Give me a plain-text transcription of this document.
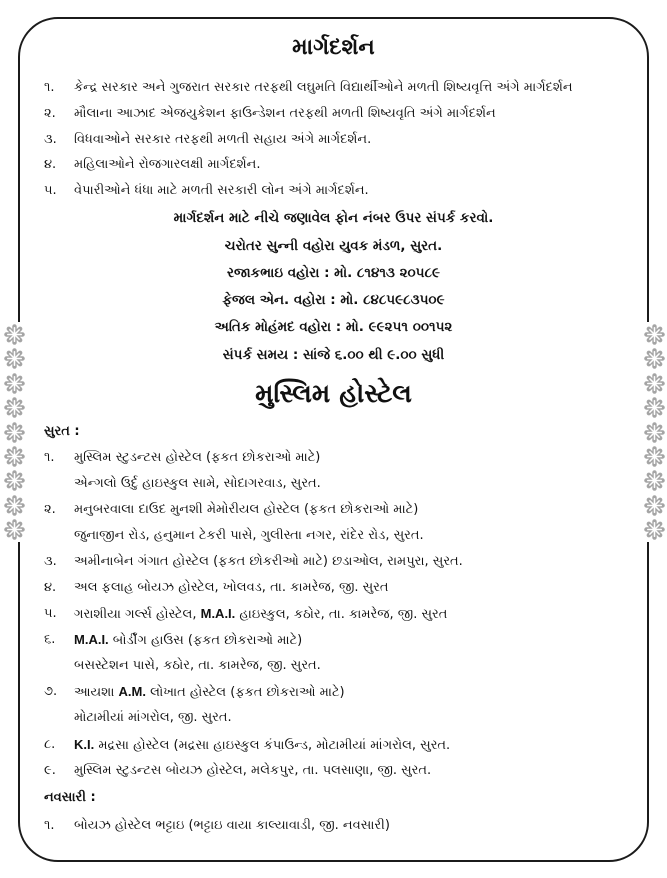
માર્ગદર્શન
૧.	કેન્દ્ર સરકાર અને ગુજરાત સરકાર તરફથી લઘુમતિ વિદ્યાર્થીઓને મળતી શિષ્યવૃત્તિ અંગે માર્ગદર્શન
૨.	મૌલાના આઝાદ એજયુકેશન ફાઉન્ડેશન તરફથી મળતી શિષ્યવૃતિ અંગે માર્ગદર્શન
૩.	વિધવાઓને સરકાર તરફથી મળતી સહાય અંગે માર્ગદર્શન.
૪.	મહિલાઓને રોજગારલક્ષી માર્ગદર્શન.
૫.	વેપારીઓને ધંધા માટે મળતી સરકારી લોન અંગે માર્ગદર્શન.
માર્ગદર્શન માટે નીચે જણાવેલ ફોન નંબર ઉપર સંપર્ક કરવો.
ચરોતર સુન્ની વહોરા યુવક મંડળ, સુરત.
રજાકભાઇ વહોરા : મો. ૮૧૪૧૩ ૨૦૫૮૯
ફેજલ એન. વહોરા : મો. ૮૪૮૫૯૮૩૫૦૯
અતિક મોહંમદ વહોરા : મો. ૯૯૨૫૧ ૦૦૧૫૨
સંપર્ક સમય : સાંજે ૬.૦૦ થી ૯.૦૦ સુધી
મુસ્લિમ હોસ્ટેલ
સુરત :
૧.	મુસ્લિમ સ્ટુડન્ટસ હોસ્ટેલ (ફકત છોકરાઓ માટે)
એન્ગલો ઉર્દુ હાઇસ્કુલ સામે, સોદાગરવાડ, સુરત.
૨.	મનુબરવાલા દાઉદ મુનશી મેમોરીયલ હોસ્ટેલ (ફકત છોકરાઓ માટે)
જુનાજીન રોડ, હનુમાન ટેકરી પાસે, ગુલીસ્તા નગર, રાંદેર રોડ, સુરત.
૩.	અમીનાબેન ગંગાત હોસ્ટેલ (ફકત છોકરીઓ માટે) છડાઓલ, રામપુરા, સુરત.
૪.	અલ ફલાહ બોયઝ હોસ્ટેલ, ખોલવડ, તા. કામરેજ, જી. સુરત
૫.	ગરાશીયા ગર્લ્સ હોસ્ટેલ, M.A.I. હાઇસ્કુલ, કઠોર, તા. કામરેજ, જી. સુરત
૬.	M.A.I. બોર્ડીંગ હાઉસ (ફકત છોકરાઓ માટે)
બસસ્ટેશન પાસે, કઠોર, તા. કામરેજ, જી. સુરત.
૭.	આયશા A.M. લોખાત હોસ્ટેલ (ફકત છોકરાઓ માટે)
મોટામીયાં માંગરોલ, જી. સુરત.
૮.	K.I. મદ્રસા હોસ્ટેલ (મદ્રસા હાઇસ્કુલ કંપાઉન્ડ, મોટામીયાં માંગરોલ, સુરત.
૯.	મુસ્લિમ સ્ટુડન્ટસ બોયઝ હોસ્ટેલ, મલેકપુર, તા. પલસાણા, જી. સુરત.
નવસારી :
૧.	બોયઝ હોસ્ટેલ ભટ્ટાઇ (ભટ્ટાઇ વાયા કાલ્યાવાડી, જી. નવસારી)
